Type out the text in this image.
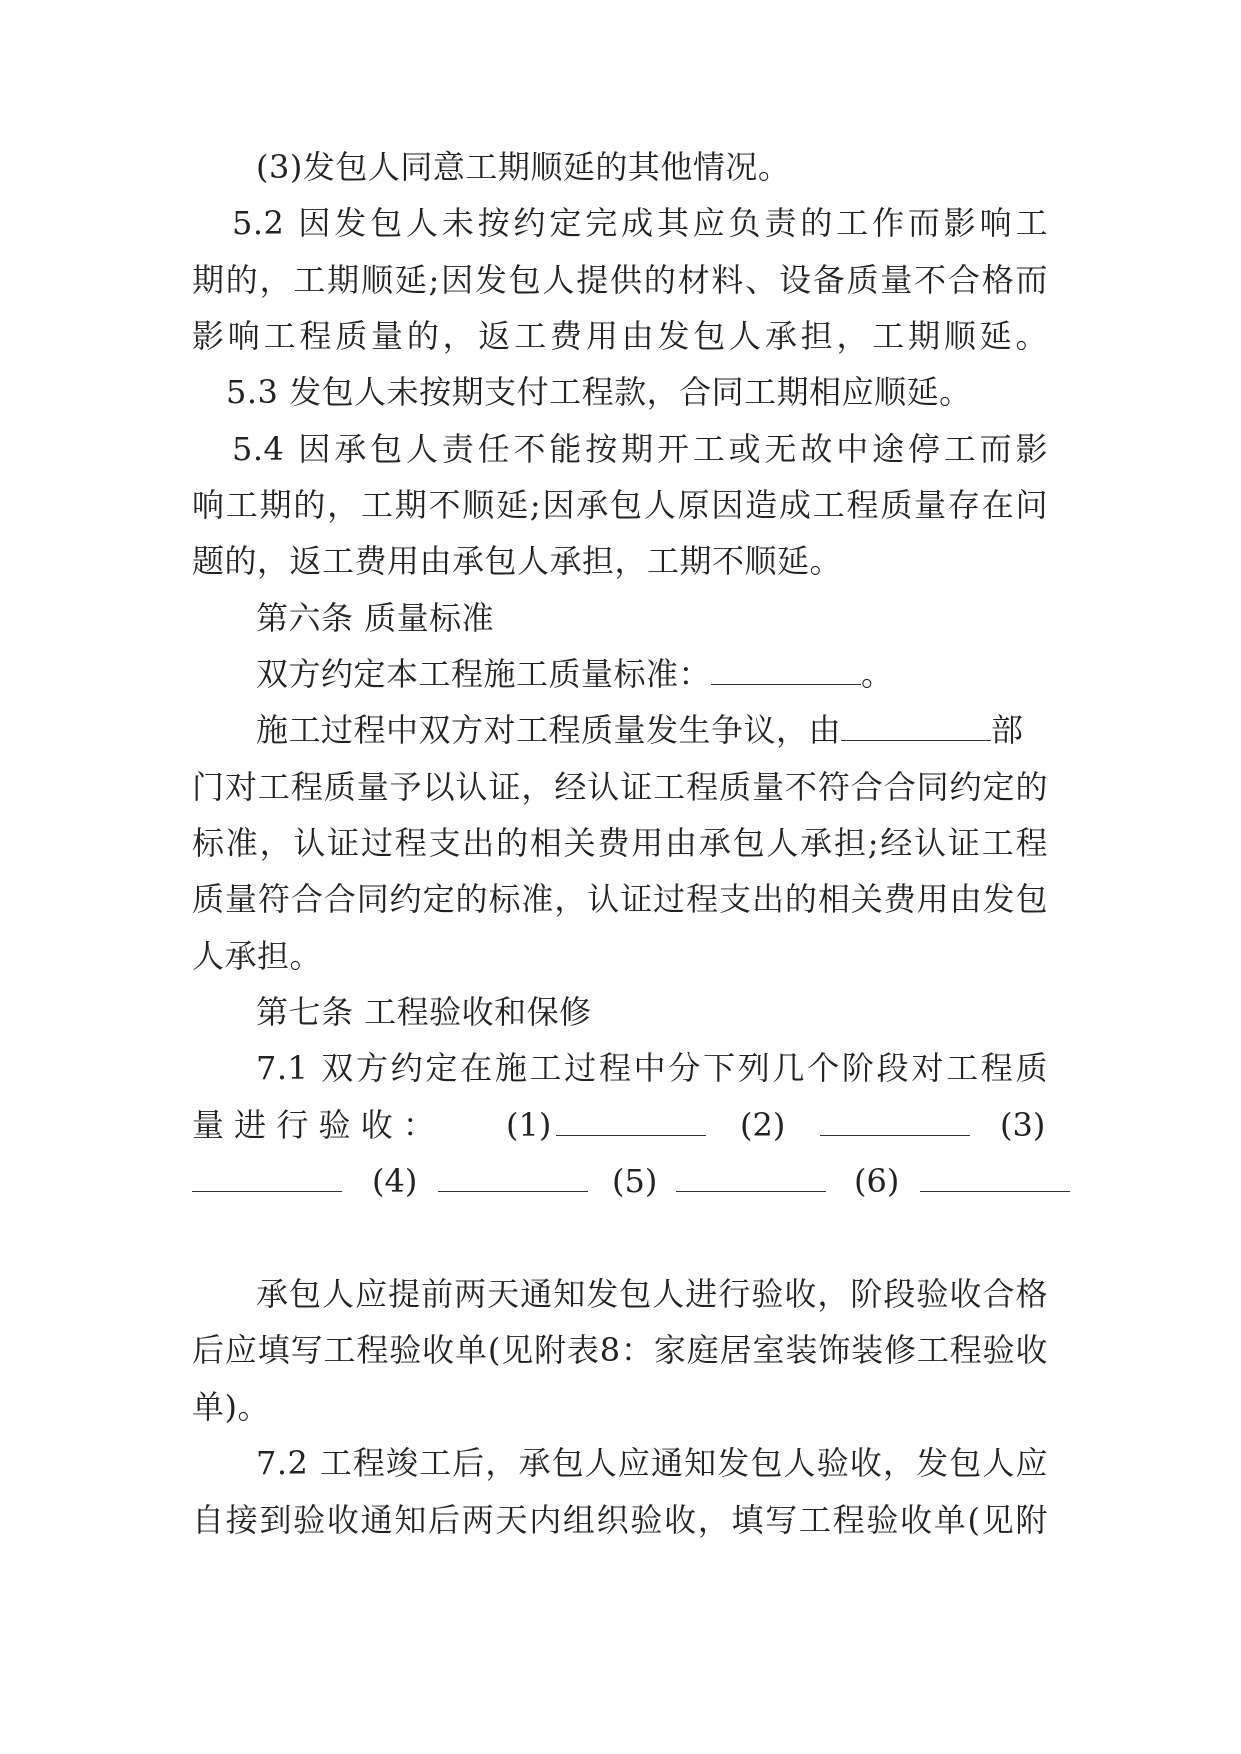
(3)发包人同意工期顺延的其他情况。
5.2 因发包人未按约定完成其应负责的工作而影响工
期的，工期顺延;因发包人提供的材料、设备质量不合格而
影响工程质量的，返工费用由发包人承担，工期顺延。
5.3 发包人未按期支付工程款，合同工期相应顺延。
5.4 因承包人责任不能按期开工或无故中途停工而影
响工期的，工期不顺延;因承包人原因造成工程质量存在问
题的，返工费用由承包人承担，工期不顺延。
第六条 质量标准
双方约定本工程施工质量标准：	。
施工过程中双方对工程质量发生争议，由	部
门对工程质量予以认证，经认证工程质量不符合合同约定的
标准，认证过程支出的相关费用由承包人承担;经认证工程
质量符合合同约定的标准，认证过程支出的相关费用由发包
人承担。
第七条 工程验收和保修
7.1 双方约定在施工过程中分下列几个阶段对工程质
量 进 行 验 收 ： (1)	(2)	(3)
(4)	(5)	(6)
承包人应提前两天通知发包人进行验收，阶段验收合格
后应填写工程验收单(见附表8：家庭居室装饰装修工程验收
单)。
7.2 工程竣工后，承包人应通知发包人验收，发包人应
自接到验收通知后两天内组织验收，填写工程验收单(见附
